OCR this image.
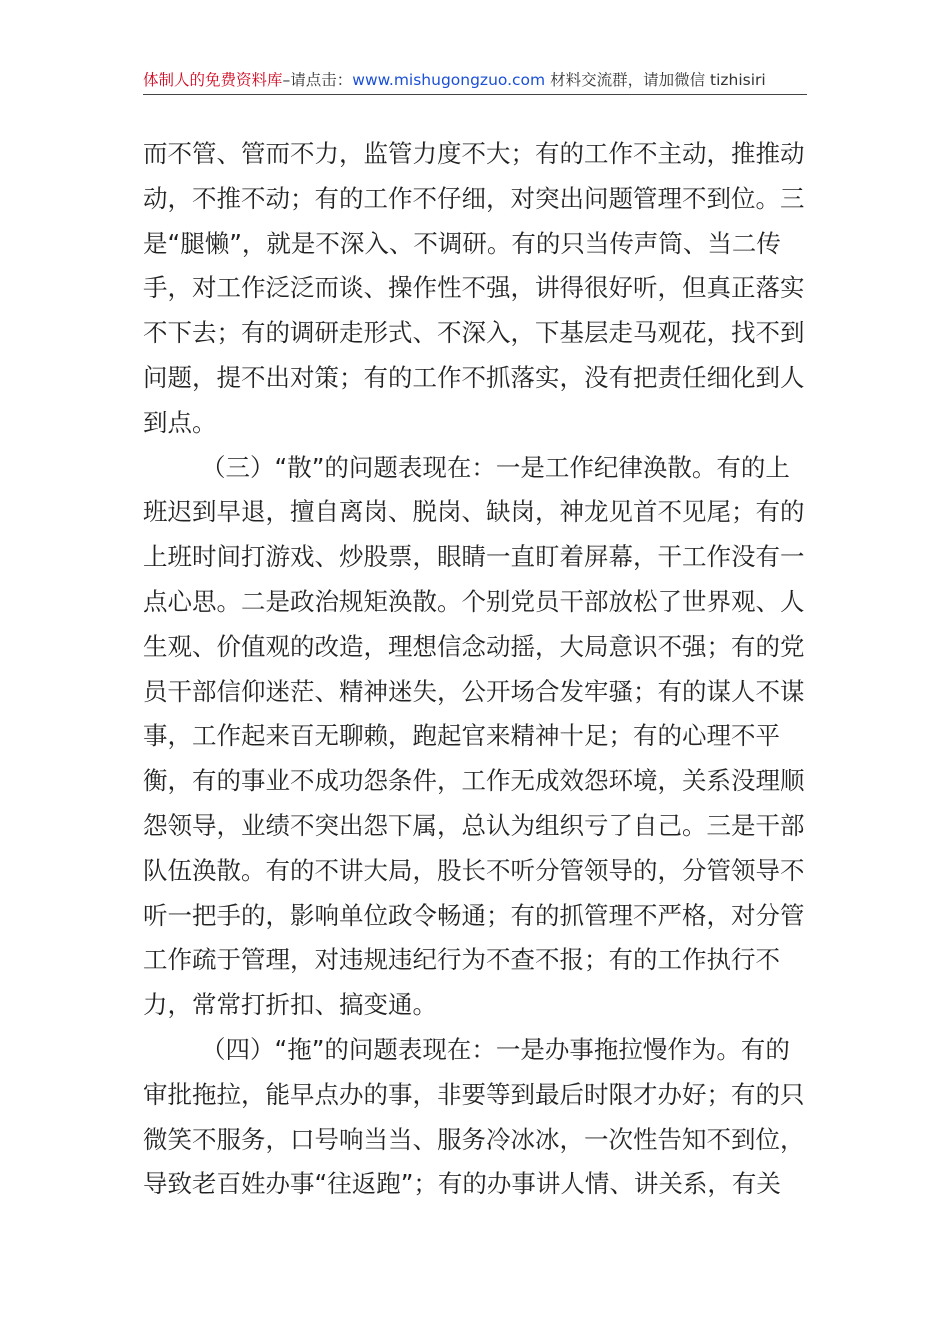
体制人的免费资料库–请点击：www.mishugongzuo.com 材料交流群，请加微信 tizhisiri
而不管、管而不力，监管力度不大；有的工作不主动，推推动
动，不推不动；有的工作不仔细，对突出问题管理不到位。三
是“腿懒”，就是不深入、不调研。有的只当传声筒、当二传
手，对工作泛泛而谈、操作性不强，讲得很好听，但真正落实
不下去；有的调研走形式、不深入，下基层走马观花，找不到
问题，提不出对策；有的工作不抓落实，没有把责任细化到人
到点。
（三）“散”的问题表现在：一是工作纪律涣散。有的上
班迟到早退，擅自离岗、脱岗、缺岗，神龙见首不见尾；有的
上班时间打游戏、炒股票，眼睛一直盯着屏幕，干工作没有一
点心思。二是政治规矩涣散。个别党员干部放松了世界观、人
生观、价值观的改造，理想信念动摇，大局意识不强；有的党
员干部信仰迷茫、精神迷失，公开场合发牢骚；有的谋人不谋
事，工作起来百无聊赖，跑起官来精神十足；有的心理不平
衡，有的事业不成功怨条件，工作无成效怨环境，关系没理顺
怨领导，业绩不突出怨下属，总认为组织亏了自己。三是干部
队伍涣散。有的不讲大局，股长不听分管领导的，分管领导不
听一把手的，影响单位政令畅通；有的抓管理不严格，对分管
工作疏于管理，对违规违纪行为不查不报；有的工作执行不
力，常常打折扣、搞变通。
（四）“拖”的问题表现在：一是办事拖拉慢作为。有的
审批拖拉，能早点办的事，非要等到最后时限才办好；有的只
微笑不服务，口号响当当、服务冷冰冰，一次性告知不到位，
导致老百姓办事“往返跑”；有的办事讲人情、讲关系，有关
